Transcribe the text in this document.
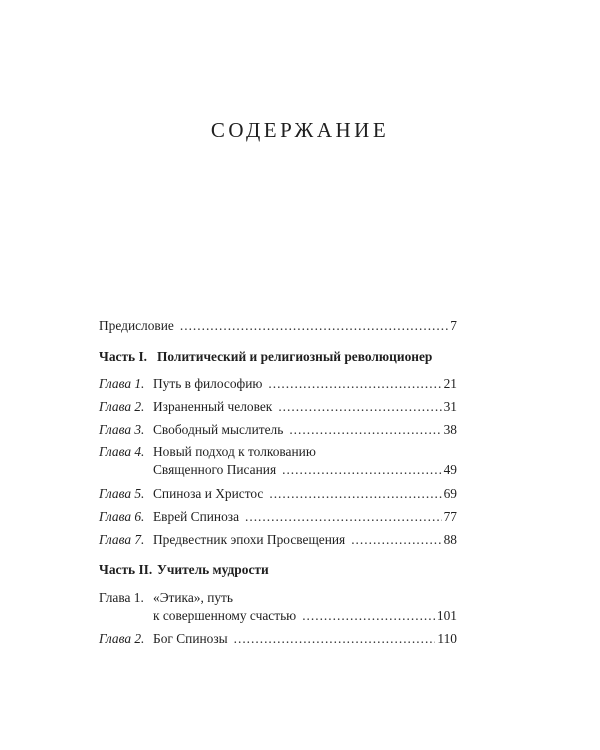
СОДЕРЖАНИЕ
Предисловие .....	7
Часть I. Политический и религиозный революционер
Глава 1. Путь в философию .....	21
Глава 2. Израненный человек .....	31
Глава 3. Свободный мыслитель .....	38
Глава 4. Новый подход к толкованию
Священного Писания .....	49
Глава 5. Спиноза и Христос .....	69
Глава 6. Еврей Спиноза .....	77
Глава 7. Предвестник эпохи Просвещения .....	88
Часть II. Учитель мудрости
Глава 1. «Этика», путь
к совершенному счастью .....	101
Глава 2. Бог Спинозы .....	110
